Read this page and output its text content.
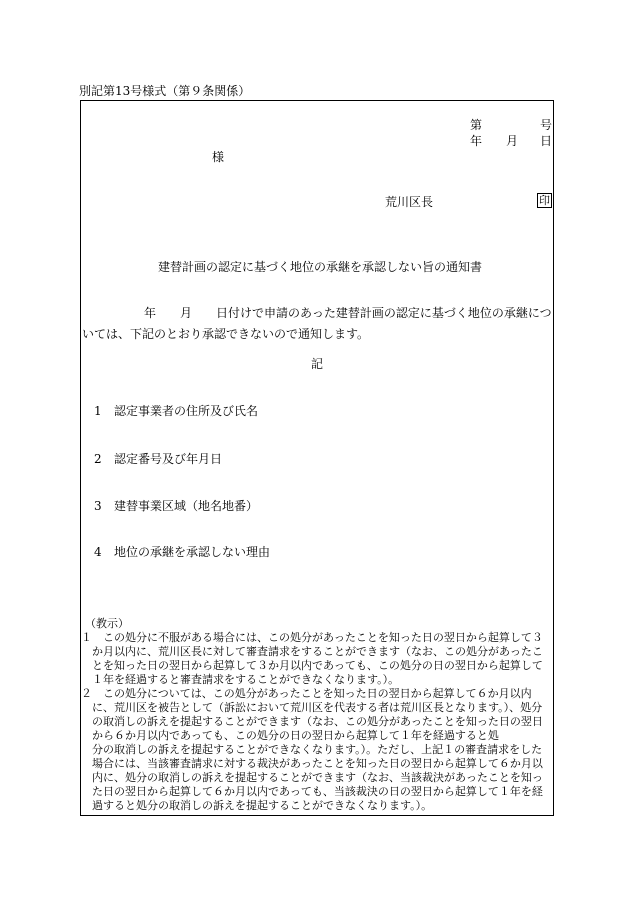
別記第13号様式（第９条関係）
第	号
年 月 日
様
荒川区長	印
建替計画の認定に基づく地位の承継を承認しない旨の通知書
年 月 日付けで申請のあった建替計画の認定に基づく地位の承継につ
いては、下記のとおり承認できないので通知します。
記
1 認定事業者の住所及び氏名
2 認定番号及び年月日
3 建替事業区域（地名地番）
4 地位の承継を承認しない理由
（教示）
１　この処分に不服がある場合には、この処分があったことを知った日の翌日から起算して３
　か月以内に、荒川区長に対して審査請求をすることができます（なお、この処分があったこ
　とを知った日の翌日から起算して３か月以内であっても、この処分の日の翌日から起算して
　１年を経過すると審査請求をすることができなくなります。）。
２　この処分については、この処分があったことを知った日の翌日から起算して６か月以内
　に、荒川区を被告として（訴訟において荒川区を代表する者は荒川区長となります。）、処分
　の取消しの訴えを提起することができます（なお、この処分があったことを知った日の翌日
　から６か月以内であっても、この処分の日の翌日から起算して１年を経過すると処
　分の取消しの訴えを提起することができなくなります。）。ただし、上記１の審査請求をした
　場合には、当該審査請求に対する裁決があったことを知った日の翌日から起算して６か月以
　内に、処分の取消しの訴えを提起することができます（なお、当該裁決があったことを知っ
　た日の翌日から起算して６か月以内であっても、当該裁決の日の翌日から起算して１年を経
　過すると処分の取消しの訴えを提起することができなくなります。）。
